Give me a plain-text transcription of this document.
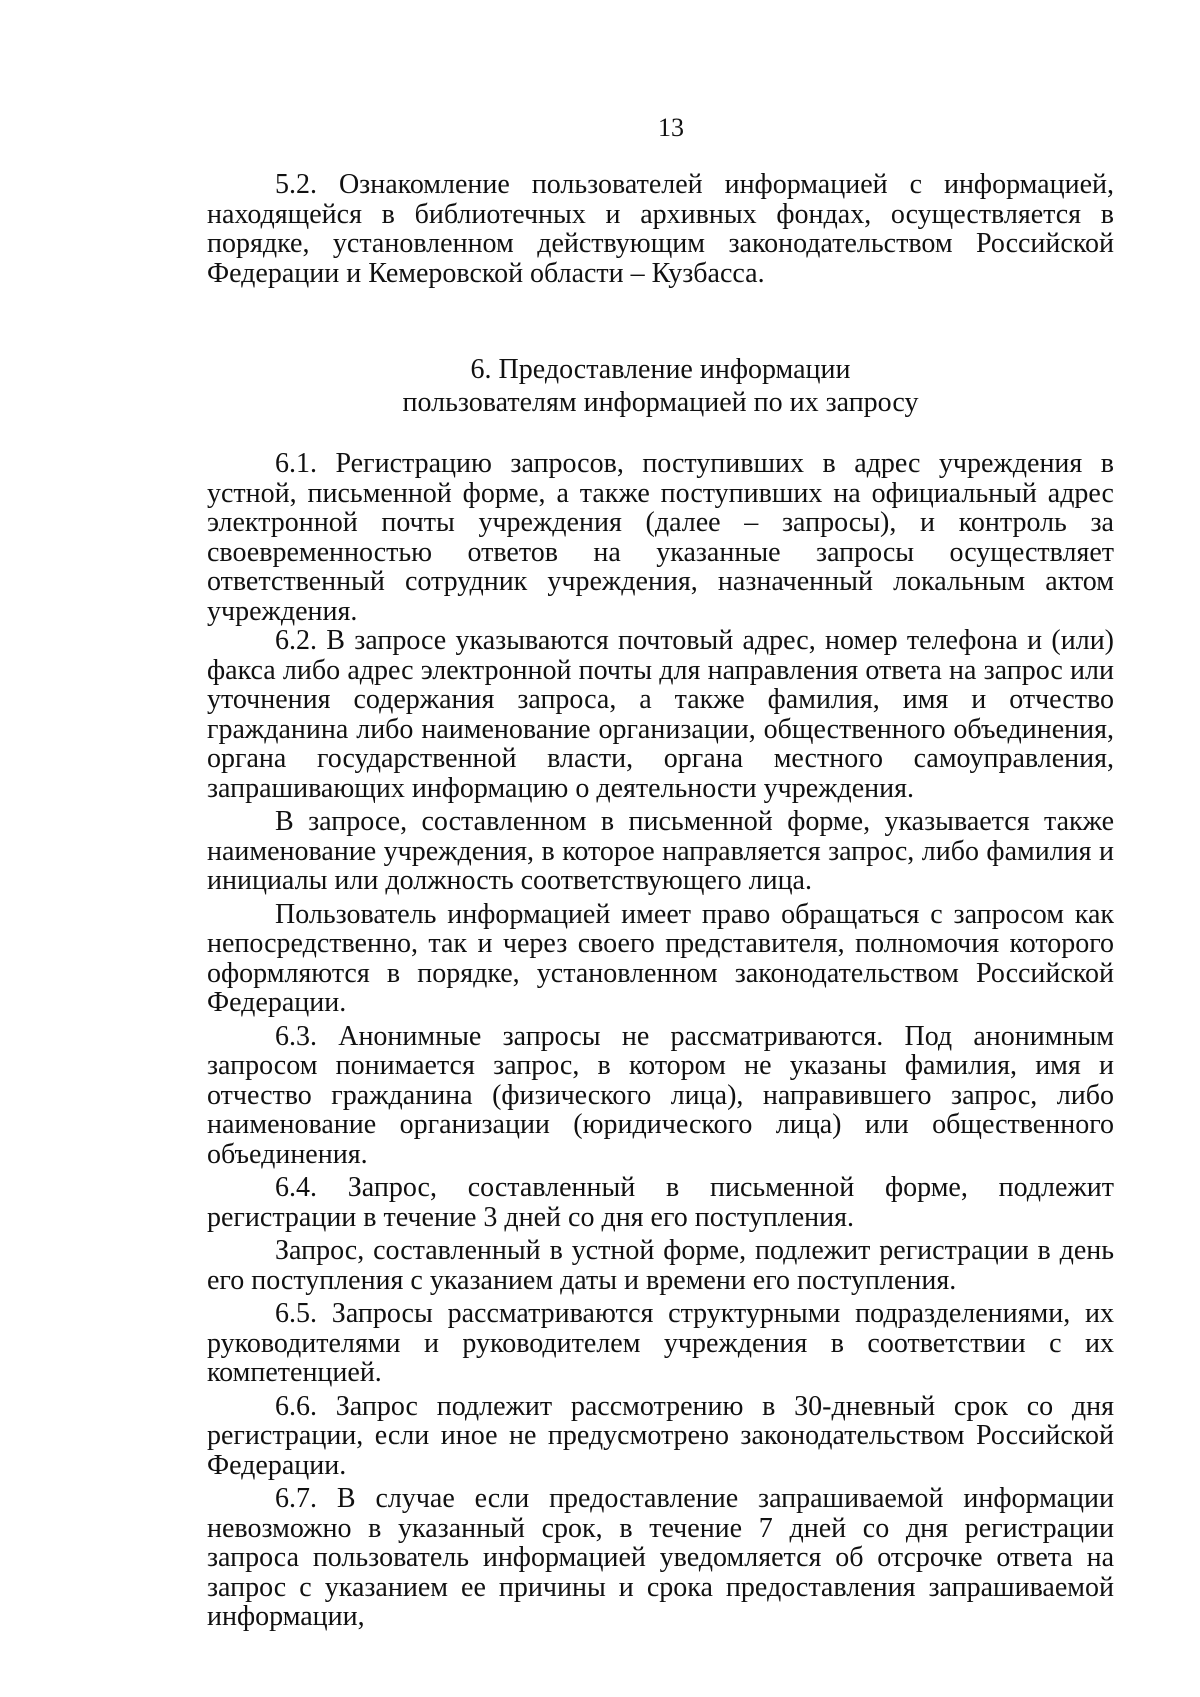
13

5.2. Ознакомление пользователей информацией с информацией, находящейся в библиотечных и архивных фондах, осуществляется в порядке, установленном действующим законодательством Российской Федерации и Кемеровской области – Кузбасса.

6. Предоставление информации
пользователям информацией по их запросу

6.1. Регистрацию запросов, поступивших в адрес учреждения в устной, письменной форме, а также поступивших на официальный адрес электронной почты учреждения (далее – запросы), и контроль за своевременностью ответов на указанные запросы осуществляет ответственный сотрудник учреждения, назначенный локальным актом учреждения.

6.2. В запросе указываются почтовый адрес, номер телефона и (или) факса либо адрес электронной почты для направления ответа на запрос или уточнения содержания запроса, а также фамилия, имя и отчество гражданина либо наименование организации, общественного объединения, органа государственной власти, органа местного самоуправления, запрашивающих информацию о деятельности учреждения.

В запросе, составленном в письменной форме, указывается также наименование учреждения, в которое направляется запрос, либо фамилия и инициалы или должность соответствующего лица.

Пользователь информацией имеет право обращаться с запросом как непосредственно, так и через своего представителя, полномочия которого оформляются в порядке, установленном законодательством Российской Федерации.

6.3. Анонимные запросы не рассматриваются. Под анонимным запросом понимается запрос, в котором не указаны фамилия, имя и отчество гражданина (физического лица), направившего запрос, либо наименование организации (юридического лица) или общественного объединения.

6.4. Запрос, составленный в письменной форме, подлежит регистрации в течение 3 дней со дня его поступления.

Запрос, составленный в устной форме, подлежит регистрации в день его поступления с указанием даты и времени его поступления.

6.5. Запросы рассматриваются структурными подразделениями, их руководителями и руководителем учреждения в соответствии с их компетенцией.

6.6. Запрос подлежит рассмотрению в 30-дневный срок со дня регистрации, если иное не предусмотрено законодательством Российской Федерации.

6.7. В случае если предоставление запрашиваемой информации невозможно в указанный срок, в течение 7 дней со дня регистрации запроса пользователь информацией уведомляется об отсрочке ответа на запрос с указанием ее причины и срока предоставления запрашиваемой информации,
